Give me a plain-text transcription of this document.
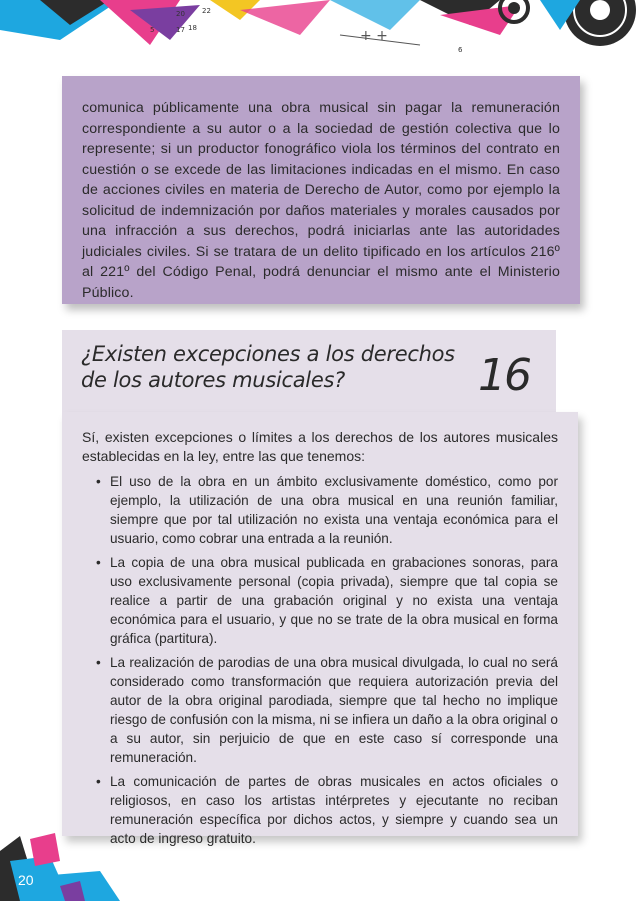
+ +
20 22
17 18
5
6

comunica públicamente una obra musical sin pagar la remuneración correspondiente a su autor o a la sociedad de gestión colectiva que lo represente; si un productor fonográfico viola los términos del contrato en cuestión o se excede de las limitaciones indicadas en el mismo. En caso de acciones civiles en materia de Derecho de Autor, como por ejemplo la solicitud de indemnización por daños materiales y morales causados por una infracción a sus derechos, podrá iniciarlas ante las autoridades judiciales civiles. Si se tratara de un delito tipificado en los artículos 216º al 221º del Código Penal, podrá denunciar el mismo ante el Ministerio Público.

¿Existen excepciones a los derechos
de los autores musicales?	16

Sí, existen excepciones o límites a los derechos de los autores musicales establecidas en la ley, entre las que tenemos:

• El uso de la obra en un ámbito exclusivamente doméstico, como por ejemplo, la utilización de una obra musical en una reunión familiar, siempre que por tal utilización no exista una ventaja económica para el usuario, como cobrar una entrada a la reunión.
• La copia de una obra musical publicada en grabaciones sonoras, para uso exclusivamente personal (copia privada), siempre que tal copia se realice a partir de una grabación original y no exista una ventaja económica para el usuario, y que no se trate de la obra musical en forma gráfica (partitura).
• La realización de parodias de una obra musical divulgada, lo cual no será considerado como transformación que requiera autorización previa del autor de la obra original parodiada, siempre que tal hecho no implique riesgo de confusión con la misma, ni se infiera un daño a la obra original o a su autor, sin perjuicio de que en este caso sí corresponde una remuneración.
• La comunicación de partes de obras musicales en actos oficiales o religiosos, en caso los artistas intérpretes y ejecutante no reciban remuneración específica por dichos actos, y siempre y cuando sea un acto de ingreso gratuito.
20
